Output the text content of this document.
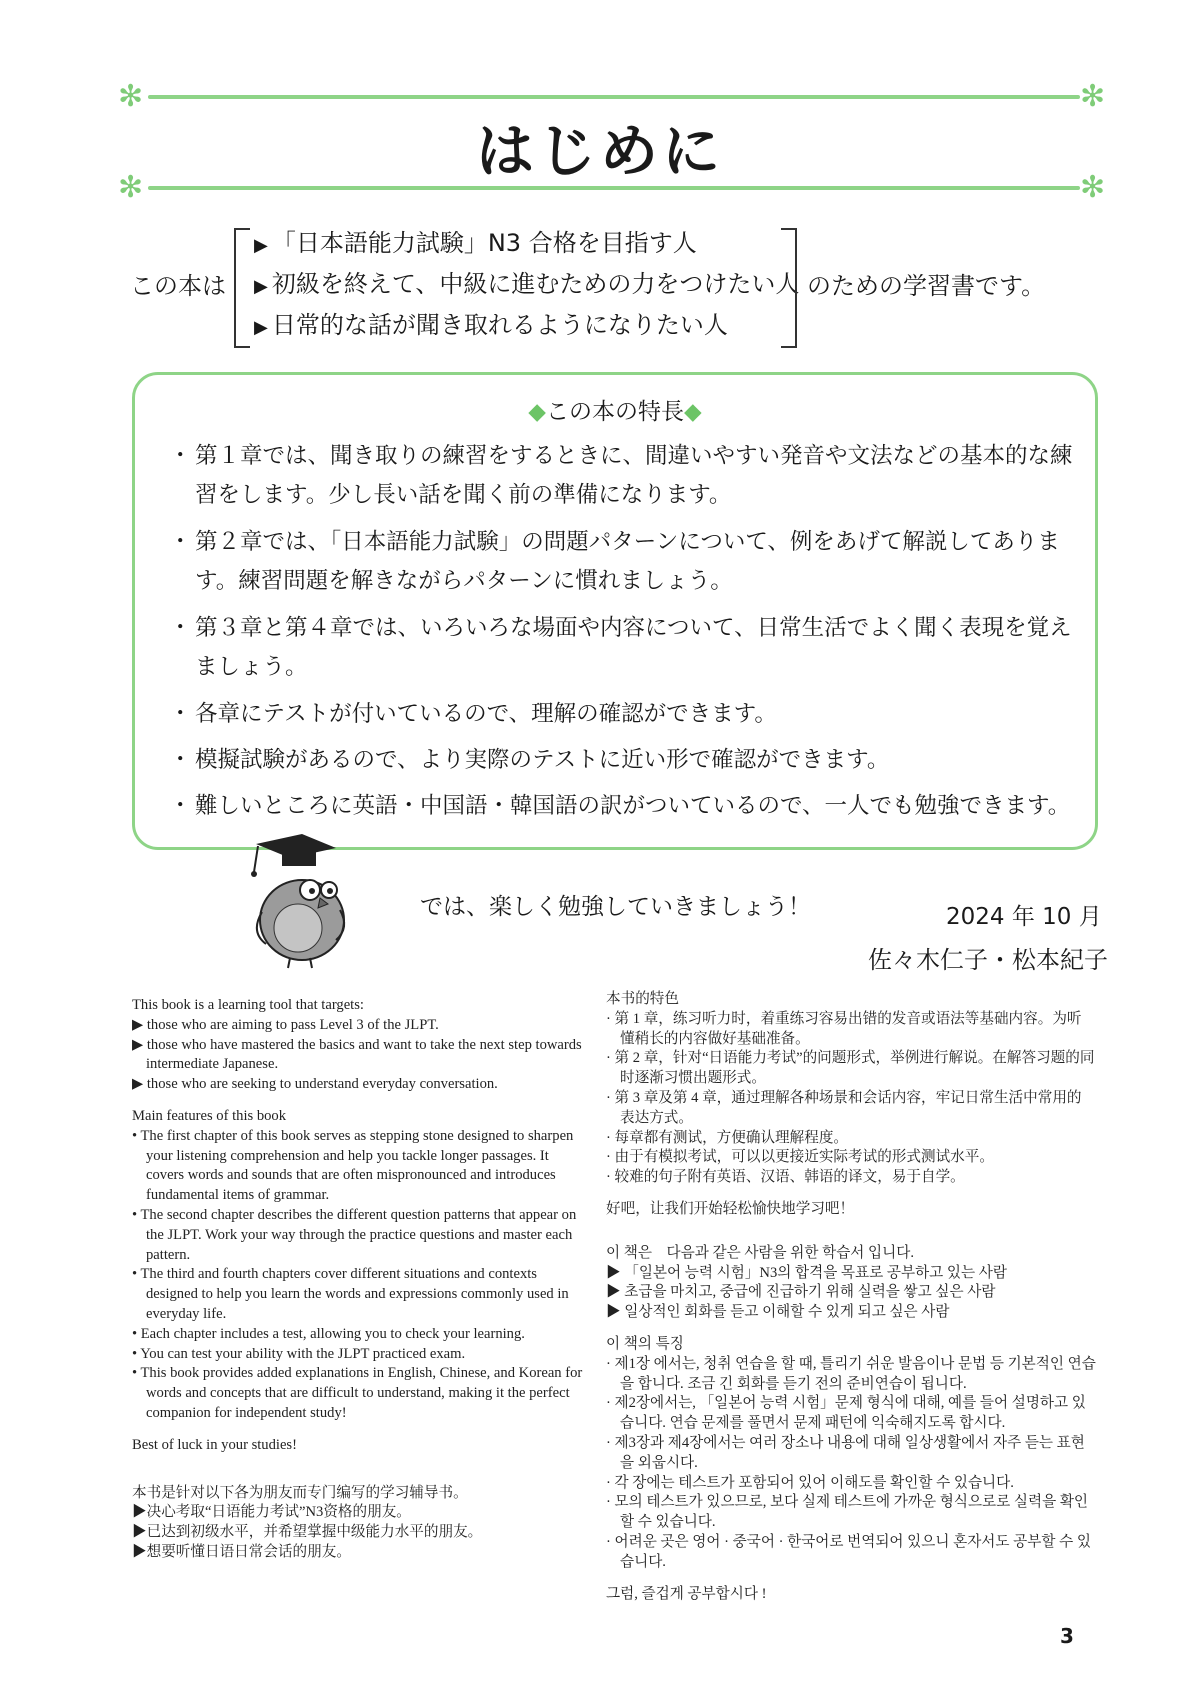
✻	✻
はじめに
✻	✻
この本は
▶ 「日本語能力試験」N3 合格を目指す人
▶ 初級を終えて、中級に進むための力をつけたい人
▶ 日常的な話が聞き取れるようになりたい人
のための学習書です。
◆この本の特長◆
・ 第１章では、聞き取りの練習をするときに、間違いやすい発音や文法などの基本的な練習をします。少し長い話を聞く前の準備になります。
・ 第２章では、「日本語能力試験」の問題パターンについて、例をあげて解説してあります。練習問題を解きながらパターンに慣れましょう。
・ 第３章と第４章では、いろいろな場面や内容について、日常生活でよく聞く表現を覚えましょう。
・ 各章にテストが付いているので、理解の確認ができます。
・ 模擬試験があるので、より実際のテストに近い形で確認ができます。
・ 難しいところに英語・中国語・韓国語の訳がついているので、一人でも勉強できます。
では、楽しく勉強していきましょう！	2024 年 10 月
佐々木仁子・松本紀子

This book is a learning tool that targets:

▶ those who are aiming to pass Level 3 of the JLPT.

▶ those who have mastered the basics and want to take the next step towards intermediate Japanese.

▶ those who are seeking to understand everyday conversation.

Main features of this book

• The first chapter of this book serves as stepping stone designed to sharpen your listening comprehension and help you tackle longer passages. It covers words and sounds that are often mispronounced and introduces fundamental items of grammar.

• The second chapter describes the different question patterns that appear on the JLPT. Work your way through the practice questions and master each pattern.

• The third and fourth chapters cover different situations and contexts designed to help you learn the words and expressions commonly used in everyday life.

• Each chapter includes a test, allowing you to check your learning.

• You can test your ability with the JLPT practiced exam.

• This book provides added explanations in English, Chinese, and Korean for words and concepts that are difficult to understand, making it the perfect companion for independent study!

Best of luck in your studies!

本书是针对以下各为朋友而专门编写的学习辅导书。

▶决心考取“日语能力考试”N3资格的朋友。

▶已达到初级水平，并希望掌握中级能力水平的朋友。

▶想要听懂日语日常会话的朋友。

本书的特色

· 第 1 章，练习听力时，着重练习容易出错的发音或语法等基础内容。为听懂稍长的内容做好基础准备。

· 第 2 章，针对“日语能力考试”的问题形式，举例进行解说。在解答习题的同时逐渐习惯出题形式。

· 第 3 章及第 4 章，通过理解各种场景和会话内容，牢记日常生活中常用的表达方式。

· 每章都有测试，方便确认理解程度。

· 由于有模拟考试，可以以更接近实际考试的形式测试水平。

· 较难的句子附有英语、汉语、韩语的译文，易于自学。

好吧，让我们开始轻松愉快地学习吧！

이 책은　다음과 같은 사람을 위한 학습서 입니다.

▶ 「일본어 능력 시험」N3의 합격을 목표로 공부하고 있는 사람

▶ 초급을 마치고, 중급에 진급하기 위해 실력을 쌓고 싶은 사람

▶ 일상적인 회화를 듣고 이해할 수 있게 되고 싶은 사람

이 책의 특징

· 제1장 에서는, 청취 연습을 할 때, 틀리기 쉬운 발음이나 문법 등 기본적인 연습을 합니다. 조금 긴 회화를 듣기 전의 준비연습이 됩니다.

· 제2장에서는, 「일본어 능력 시험」문제 형식에 대해, 예를 들어 설명하고 있습니다. 연습 문제를 풀면서 문제 패턴에 익숙해지도록 합시다.

· 제3장과 제4장에서는 여러 장소나 내용에 대해 일상생활에서 자주 듣는 표현을 외웁시다.

· 각 장에는 테스트가 포함되어 있어 이해도를 확인할 수 있습니다.

· 모의 테스트가 있으므로, 보다 실제 테스트에 가까운 형식으로로 실력을 확인할 수 있습니다.

· 어려운 곳은 영어 · 중국어 · 한국어로 번역되어 있으니 혼자서도 공부할 수 있습니다.

그럼, 즐겁게 공부합시다 !

3
